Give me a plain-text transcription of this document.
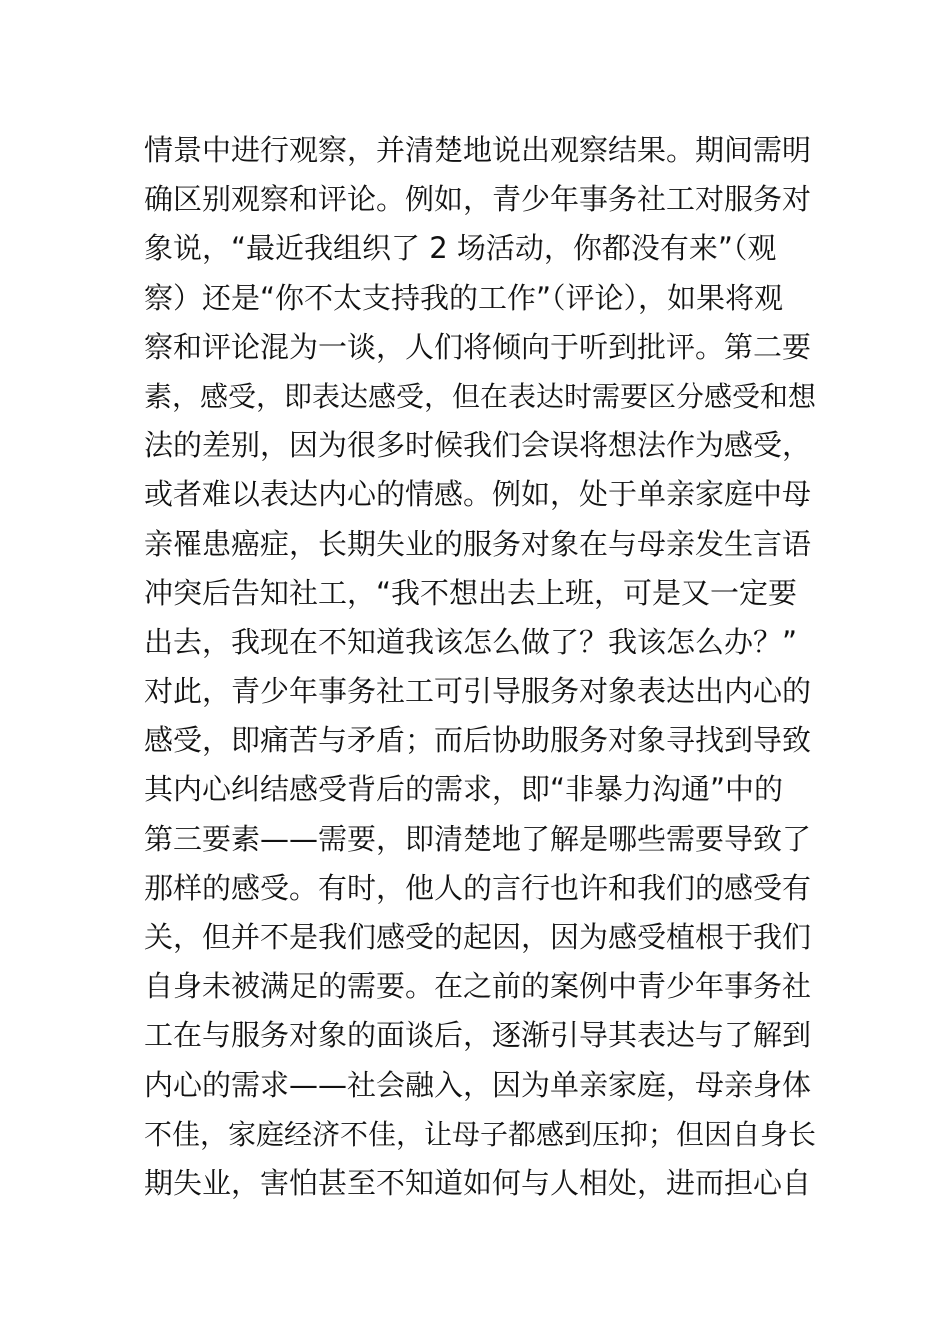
情景中进行观察，并清楚地说出观察结果。期间需明
确区别观察和评论。例如，青少年事务社工对服务对
象说，“最近我组织了 2 场活动，你都没有来”（观
察）还是“你不太支持我的工作”（评论），如果将观
察和评论混为一谈，人们将倾向于听到批评。第二要
素，感受，即表达感受，但在表达时需要区分感受和想
法的差别，因为很多时候我们会误将想法作为感受，
或者难以表达内心的情感。例如，处于单亲家庭中母
亲罹患癌症，长期失业的服务对象在与母亲发生言语
冲突后告知社工，“我不想出去上班，可是又一定要
出去，我现在不知道我该怎么做了？我该怎么办？”
对此，青少年事务社工可引导服务对象表达出内心的
感受，即痛苦与矛盾；而后协助服务对象寻找到导致
其内心纠结感受背后的需求，即“非暴力沟通”中的
第三要素——需要，即清楚地了解是哪些需要导致了
那样的感受。有时，他人的言行也许和我们的感受有
关，但并不是我们感受的起因，因为感受植根于我们
自身未被满足的需要。在之前的案例中青少年事务社
工在与服务对象的面谈后，逐渐引导其表达与了解到
内心的需求——社会融入，因为单亲家庭，母亲身体
不佳，家庭经济不佳，让母子都感到压抑；但因自身长
期失业，害怕甚至不知道如何与人相处，进而担心自
